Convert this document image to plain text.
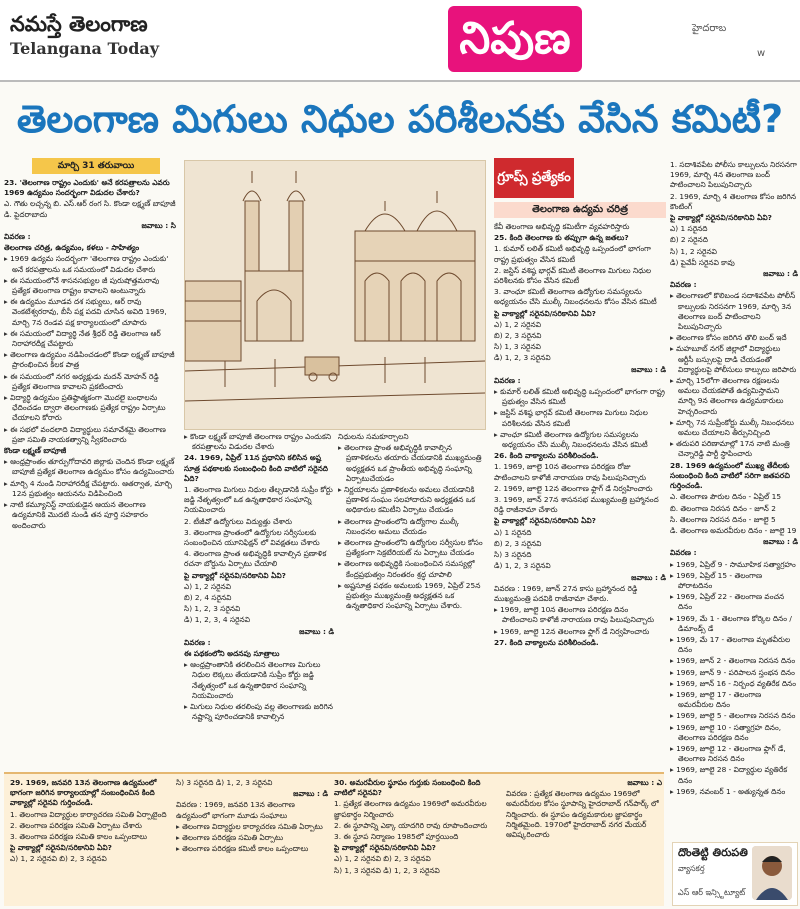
నమస్తే తెలంగాణ
Telangana Today	నిపుణ	హైదరాబ
w
తెలంగాణ మిగులు నిధుల పరిశీలనకు వేసిన కమిటీ?
మార్చి 31 తరువాయి

23. 'తెలంగాణ రాష్ట్రం ఎందుకు' అనే కరపత్రాలను ఎవరు 1969 ఉద్యమం సందర్భంగా విడుదల చేశారు?

ఎ. గౌతు లచ్చన్న బి. ఎస్.ఆర్ రంగ సి. కొండా లక్ష్మణ్ బాపూజీ డి. పైదరాబాదు

జవాబు : సి

వివరణ :

తెలంగాణ చరిత్ర, ఉద్యమం, కళలు - సాహిత్యం

▸ 1969 ఉద్యమ సందర్భంగా 'తెలంగాణ రాష్ట్రం ఎందుకు' అనే కరపత్రాలను ఒక సమయంలో విడుదల చేశారు

▸ ఈ సమయంలోనే శాసనసభ్యుల జీ పురుషోత్తమరావు ప్రత్యేక తెలంగాణ రాష్ట్రం కావాలని అంటున్నారు

▸ ఈ ఉద్యమం మూడవ దశ సభ్యులు, ఆర్ రావు వెంకటేశ్వరరావు, బీసీ పక్ష పదవి చూసిన అవిది 1969, మార్చి 7న రెండవ పక్ష కార్యాలయంలో చూపారు

▸ ఈ సమయంలో విద్యార్థి నేత శ్రీధర్ రెడ్డి తెలంగాణ ఆర్ నిరాహారదీక్ష చేపట్టారు

▸ తెలంగాణ ఉద్యమం నడిపించడంలో కొండా లక్ష్మణ్ బాపూజీ ప్రారంభించిన కీలక పాత్ర

▸ ఈ సమయంలో నగర అధ్యక్షుడు మదన్ మోహన్ రెడ్డి ప్రత్యేక తెలంగాణ కావాలని ప్రకటించారు

▸ విద్యార్థి ఉద్యమం ప్రతిష్ఠాత్మకంగా మొదలై బంధాలను ఛేదించడం ద్వారా తెలంగాణకు ప్రత్యేక రాష్ట్రం ఏర్పాటు చేయాలని కోరారు

▸ ఈ సభలో వందలాది విద్యార్థులు సమావేశమై తెలంగాణ ప్రజా సమితి నాయకత్వాన్ని స్వీకరించారు

కొండా లక్ష్మణ్ బాపూజీ

▸ ఆంధ్రప్రాంతం తూర్పుగోదావరి జిల్లాకు చెందిన కొండా లక్ష్మణ్ బాపూజీ ప్రత్యేక తెలంగాణ ఉద్యమం కోసం ఉద్యమించారు

▸ మార్చి 4 నుండి నిరాహారదీక్ష చేపట్టారు. ఆతర్వాత, మార్చి 12న ప్రభుత్వం ఆయనను విడిపించింది

▸ నాటి కమ్యూనిస్ట్ నాయకుడైన ఆయన తెలంగాణ ఉద్యమానికి మొదటి నుండి తన పూర్తి సహకారం అందించారు

▸ కొండా లక్ష్మణ్ బాపూజీ తెలంగాణ రాష్ట్రం ఎందుకని కరపత్రాలను విడుదల చేశారు

24. 1969, ఏప్రిల్ 11న ప్రధానిని కలిసిన అష్ట సూత్ర పథకాలకు సంబంధించి కింది వాటిలో సరైనది ఏది?

1. తెలంగాణ మిగులు నిధుల తేల్చడానికి సుప్రీం కోర్టు జడ్జి నేతృత్వంలో ఒక ఉన్నతాధికార సంఘాన్ని నియమించారు

2. టీజీవో ఉద్యోగులు విద్యుత్తు చేశారు

3. తెలంగాణ ప్రాంతంలో ఉద్యోగుల సర్వీసులకు సంబంధించిన యూనిఫిక్షన్ లో వివక్షతలు చేశారు

4. తెలంగాణ ప్రాంత అభివృద్ధికి కావాల్సిన ప్రణాళిక రచనా బోర్డును ఏర్పాటు చేయాలి

పై వాక్యాల్లో సరైనవి/సరికానివి ఏవి?

ఎ) 1, 2 సరైనవి

బి) 2, 4 సరైనవి

సి) 1, 2, 3 సరైనవి

డి) 1, 2, 3, 4 సరైనవి

జవాబు : డి

వివరణ :

ఈ పథకంలోని అదనపు సూత్రాలు

▸ ఆంధ్రప్రాంతానికి తరలించిన తెలంగాణ మిగులు నిధుల లెక్కలు తేయడానికి సుప్రీం కోర్టు జడ్జి నేతృత్వంలో ఒక ఉన్నతాధికార సంఘాన్ని నియమించారు

▸ మిగులు నిధుల తరలింపు వల్ల తెలంగాణకు జరిగిన నష్టాన్ని పూరించడానికి కావాల్సిన

నిధులను సమకూర్చాలని

▸ తెలంగాణ ప్రాంత అభివృద్ధికి కావాల్సిన ప్రణాళికలను తయారు చేయడానికి ముఖ్యమంత్రి అధ్యక్షతన ఒక ప్రాంతీయ అభివృద్ధి సంఘాన్ని ఏర్పాటుచేయడం

▸ నిర్ణయాలను ప్రణాళికలను అమలు చేయడానికి ప్రణాళిక సంఘం సలహాదారుని అధ్యక్షతన ఒక అధికారుల కమిటీని ఏర్పాటు చేయడం

▸ తెలంగాణ ప్రాంతంలోని ఉద్యోగాల ముల్కీ నిబంధనల అమలు చేయడం

▸ తెలంగాణ ప్రాంతంలోని ఉద్యోగుల సర్వీసుల కోసం ప్రత్యేకంగా సెక్రటేరియట్ ను ఏర్పాటు చేయడం

▸ తెలంగాణ అభివృద్ధికి సంబంధించిన సమస్యల్లో కేంద్రప్రభుత్వం నిరంతరం శ్రద్ధ చూపాలి

▸ అష్టసూత్ర పథకం అమలుకు 1969, ఏప్రిల్ 25న ప్రభుత్వం ముఖ్యమంత్రి అధ్యక్షతన ఒక ఉన్నతాధికార సంఘాన్ని ఏర్పాటు చేశారు.

గ్రూప్స్ ప్రత్యేకం
తెలంగాణ ఉద్యమ చరిత్ర

కేవీ తెలంగాణ అభివృద్ధి కమిటీగా వ్యవహరిస్తారు

25. కింది తెలంగాణ కు తప్పుగా ఉన్న జతలు?

1. కుమార్ లలిత్ కమిటీ అభివృద్ధి ఒప్పందంలో భాగంగా రాష్ట్ర ప్రభుత్వం వేసిన కమిటీ

2. జస్టిస్ వశిష్ఠ భార్గవ్ కమిటీ తెలంగాణ మిగులు నిధుల పరిశీలనకు కోసం వేసిన కమిటీ

3. వాంఛూ కమిటీ తెలంగాణ ఉద్యోగుల సమస్యలను అధ్యయనం చేసి ముల్కీ నిబంధనలను కోసం వేసిన కమిటీ

పై వాక్యాల్లో సరైనవి/సరికానివి ఏవి?

ఎ) 1, 2 సరైనవి

బి) 2, 3 సరైనవి

సి) 1, 3 సరైనవి

డి) 1, 2, 3 సరైనవి

జవాబు : డి

వివరణ :

▸ కుమార్ లలిత్ కమిటీ అభివృద్ధి ఒప్పందంలో భాగంగా రాష్ట్ర ప్రభుత్వం వేసిన కమిటీ

▸ జస్టిస్ వశిష్ఠ భార్గవ్ కమిటీ తెలంగాణ మిగులు నిధుల పరిశీలనకు వేసిన కమిటీ

▸ వాంఛూ కమిటీ తెలంగాణ ఉద్యోగుల సమస్యలను అధ్యయనం చేసి ముల్కీ నిబంధనలను వేసిన కమిటీ

26. కింది వాక్యాలను పరిశీలించండి.

1. 1969, జూలై 10న తెలంగాణ పరిరక్షణ రోజు పాటించాలని కాళోజీ నారాయణ రావు పిలుపునిచ్చారు

2. 1969, జూలై 12న తెలంగాణ ఫ్లాగ్ డే నిర్వహించారు

3. 1969, జూన్ 27న శాసనసభ ముఖ్యమంత్రి బ్రహ్మానంద రెడ్డి రాజీనామా చేశారు

పై వాక్యాల్లో సరైనవి/సరికానివి ఏవి?

ఎ) 1 సరైనది

బి) 2, 3 సరైనవి

సి) 3 సరైనది

డి) 1, 2, 3 సరైనవి

జవాబు : డి

వివరణ : 1969, జూన్ 27న కాసు బ్రహ్మానంద రెడ్డి ముఖ్యమంత్రి పదవికి రాజీనామా చేశారు.

▸ 1969, జూలై 10న తెలంగాణ పరిరక్షణ దినం పాటించాలని కాళోజీ నారాయణ రావు పిలుపునిచ్చారు

▸ 1969, జూలై 12న తెలంగాణ ఫ్లాగ్ డే నిర్వహించారు

27. కింది వాక్యాలను పరిశీలించండి.

1. సదాశివపేట పోలీసు కాల్పులను నిరసనగా 1969, మార్చి 4న తెలంగాణ బంద్ పాటించాలని పిలుపునిచ్చారు

2. 1969, మార్చి 4 తెలంగాణ కోసం జరిగిన కౌంటింగ్

పై వాక్యాల్లో సరైనవి/సరికానివి ఏవి?

ఎ) 1 సరైనది

బి) 2 సరైనది

సి) 1, 2 సరైనవి

డి) పైవేవీ సరైనవి కావు

జవాబు : డి

వివరణ :

▸ తెలంగాణలో కొలిబండ సదాశివపేట పోలీస్ కాల్పులకు నిరసనగా 1969, మార్చి 3న తెలంగాణ బంద్ పాటించాలని పిలుపునిచ్చారు

▸ తెలంగాణ కోసం జరిగిన తొలి బంద్ ఇదే

▸ మహబూబ్ నగర్ జిల్లాలో విద్యార్థులు ఆర్టీసీ బస్సులపై దాడి చేయడంతో విద్యార్థులపై పోలీసులు కాల్పులు జరిపారు

▸ మార్చి 15లోగా తెలంగాణ రక్షణలను అమలు చేయకపోతే ఉద్యమిస్తామని మార్చి 9న తెలంగాణ ఉద్యమకారులు హెచ్చరించారు

▸ మార్చి 7న సుప్రీంకోర్టు ముల్కీ నిబంధనలు అమలు చేయాలని తీర్పునిచ్చింది

▸ తదుపరి పరిణామాల్లో 17న నాటి మంత్రి చెన్నారెడ్డి పార్టీ స్థాపించారు

28. 1969 ఉద్యమంలో ముఖ్య తేదీలకు సంబంధించి కింది వాటిలో సరిగా జతపరచి గుర్తించండి.

ఎ. తెలంగాణ పౌరుల దినం - ఏప్రిల్ 15

బి. తెలంగాణ నిరసన దినం - జూన్ 2

సి. తెలంగాణ నిరసన దినం - జూలై 5

డి. తెలంగాణ అమరవీరుల దినం - జూలై 19

జవాబు : డి

వివరణ :

▸ 1969, ఏప్రిల్ 9 - సామూహిక సత్యాగ్రహం

▸ 1969, ఏప్రిల్ 15 - తెలంగాణ పోరాటదినం

▸ 1969, ఏప్రిల్ 22 - తెలంగాణ వంచన దినం

▸ 1969, మే 1 - తెలంగాణ కోర్కెల దినం / డిమాండ్స్ డే

▸ 1969, మే 17 - తెలంగాణ మృతవీరుల దినం

▸ 1969, జూన్ 2 - తెలంగాణ నిరసన దినం

▸ 1969, జూన్ 9 - పరిపాలన స్తంభన దినం

▸ 1969, జూన్ 16 - నిర్బంధ వ్యతిరేక దినం

▸ 1969, జూలై 17 - తెలంగాణ అమరవీరుల దినం

▸ 1969, జూలై 5 - తెలంగాణ నిరసన దినం

▸ 1969, జూలై 10 - సత్యాగ్రహ దినం, తెలంగాణ పరిరక్షణ దినం

▸ 1969, జూలై 12 - తెలంగాణ ఫ్లాగ్ డే, తెలంగాణ నిరసన దినం

▸ 1969, జూలై 28 - విద్యార్థుల వ్యతిరేక దినం

▸ 1969, నవంబర్ 1 - అత్యున్నత దినం

29. 1969, జనవరి 13న తెలంగాణ ఉద్యమంలో భాగంగా జరిగిన కార్యాలయాల్లో సంబంధించిన కింది వాక్యాల్లో సరైనవి గుర్తించండి.

1. తెలంగాణ విద్యార్థుల కార్యాచరణ సమితి ఏర్పాటైంది

2. తెలంగాణ పరిరక్షణ సమితి ఏర్పాటు చేశారు

3. తెలంగాణ పరిరక్షణ సమితి కాలం ఒప్పందాలు

పై వాక్యాల్లో సరైనవి/సరికానివి ఏవి?

ఎ) 1, 2 సరైనవి బి) 2, 3 సరైనవి

సి) 3 సరైనది డి) 1, 2, 3 సరైనవి

జవాబు : డి

వివరణ : 1969, జనవరి 13న తెలంగాణ ఉద్యమంలో భాగంగా మూడు సంఘాలు

▸ తెలంగాణ విద్యార్థుల కార్యాచరణ సమితి ఏర్పాటు

▸ తెలంగాణ పరిరక్షణ సమితి ఏర్పాటు

▸ తెలంగాణ పరిరక్షణ కమిటీ కాలం ఒప్పందాలు

30. అమరవీరుల స్థూపం గుర్తుకు సంబంధించి కింది వాటిలో సరైనవి?

1. ప్రత్యేక తెలంగాణ ఉద్యమం 1969లో అమరవీరుల జ్ఞాపకార్థం నిర్మించారు

2. ఈ స్థూపాన్ని ఎక్కా యాదగిరి రావు రూపొందించారు

3. ఈ స్థూప నిర్మాణం 1985లో పూర్తయింది

పై వాక్యాల్లో సరైనవి/సరికానివి ఏవి?

ఎ) 1, 2 సరైనవి బి) 2, 3 సరైనవి

సి) 1, 3 సరైనవి డి) 1, 2, 3 సరైనవి

జవాబు : ఎ

వివరణ : ప్రత్యేక తెలంగాణ ఉద్యమం 1969లో అమరవీరుల కోసం స్థూపాన్ని హైదరాబాద్ గన్‌పార్క్ లో నిర్మించారు. ఈ స్థూపం ఉద్యమకారుల జ్ఞాపకార్థం నిర్మితమైంది. 1970లో హైదరాబాద్ నగర మేయర్ ఆవిష్కరించారు

దొంతెట్టి తిరుపతి
వ్యాసకర్త
ఎస్ ఆర్ ఇన్స్టిట్యూట్
